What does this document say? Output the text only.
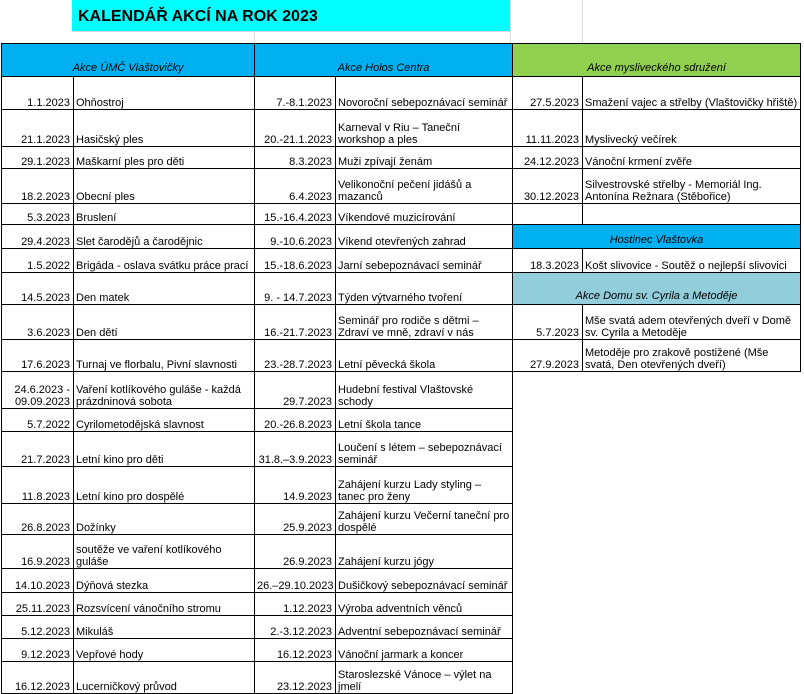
KALENDÁŘ AKCÍ NA ROK 2023
Akce ÚMČ Vlaštovičky	
1.1.2023	Ohňostroj
21.1.2023	Hasičský ples
29.1.2023	Maškarní ples pro děti
18.2.2023	Obecní ples
5.3.2023	Bruslení
29.4.2023	Slet čarodějů a čarodějnic
1.5.2022	Brigáda - oslava svátku práce prací
14.5.2023	Den matek
3.6.2023	Den dětí
17.6.2023	Turnaj ve florbalu, Pivní slavnosti
24.6.2023 - 09.09.2023	Vaření kotlíkového guláše - každá prázdninová sobota
5.7.2022	Cyrilometodějská slavnost
21.7.2023	Letní kino pro děti
11.8.2023	Letní kino pro dospělé
26.8.2023	Dožínky
16.9.2023	soutěže ve vaření kotlíkového guláše
14.10.2023	Dýňová stezka
25.11.2023	Rozsvícení vánočního stromu
5.12.2023	Mikuláš
9.12.2023	Vepřové hody
16.12.2023	Lucerničkový průvod
Akce Holos Centra	
7.-8.1.2023	Novoroční sebepoznávací seminář
20.-21.1.2023	Karneval v Riu – Taneční workshop a ples
8.3.2023	Muži zpívají ženám
6.4.2023	Velikonoční pečení jidášů a mazanců
15.-16.4.2023	Víkendové muzicírování
9.-10.6.2023	Víkend otevřených zahrad
15.-18.6.2023	Jarní sebepoznávací seminář
9. - 14.7.2023	Týden výtvarného tvoření
16.-21.7.2023	Seminář pro rodiče s dětmi – Zdraví ve mně, zdraví v nás
23.-28.7.2023	Letní pěvecká škola
29.7.2023	Hudební festival Vlaštovské schody
20.-26.8.2023	Letní škola tance
31.8.–3.9.2023	Loučení s létem – sebepoznávací seminář
14.9.2023	Zahájení kurzu Lady styling – tanec pro ženy
25.9.2023	Zahájení kurzu Večerní taneční pro dospělé
26.9.2023	Zahájení kurzu jógy
26.–29.10.2023	Dušičkový sebepoznávací seminář
1.12.2023	Výroba adventních věnců
2.-3.12.2023	Adventní sebepoznávací seminář
16.12.2023	Vánoční jarmark a koncer
23.12.2023	Staroslezské Vánoce – výlet na jmelí
Akce mysliveckého sdružení	
27.5.2023	Smažení vajec a střelby (Vlaštovičky hřiště)
11.11.2023	Myslivecký večírek
24.12.2023	Vánoční krmení zvěře
30.12.2023	Silvestrovské střelby - Memoriál Ing. Antonína Režnara (Stěbořice)

Hostinec Vlaštovka	
18.3.2023	Košt slivovice - Soutěž o nejlepší slivovici
Akce Domu sv. Cyrila a Metoděje	
5.7.2023	Mše svatá adem otevřených dveří v Domě sv. Cyrila a Metoděje
27.9.2023	Metoděje pro zrakově postižené (Mše svatá, Den otevřených dveří)
